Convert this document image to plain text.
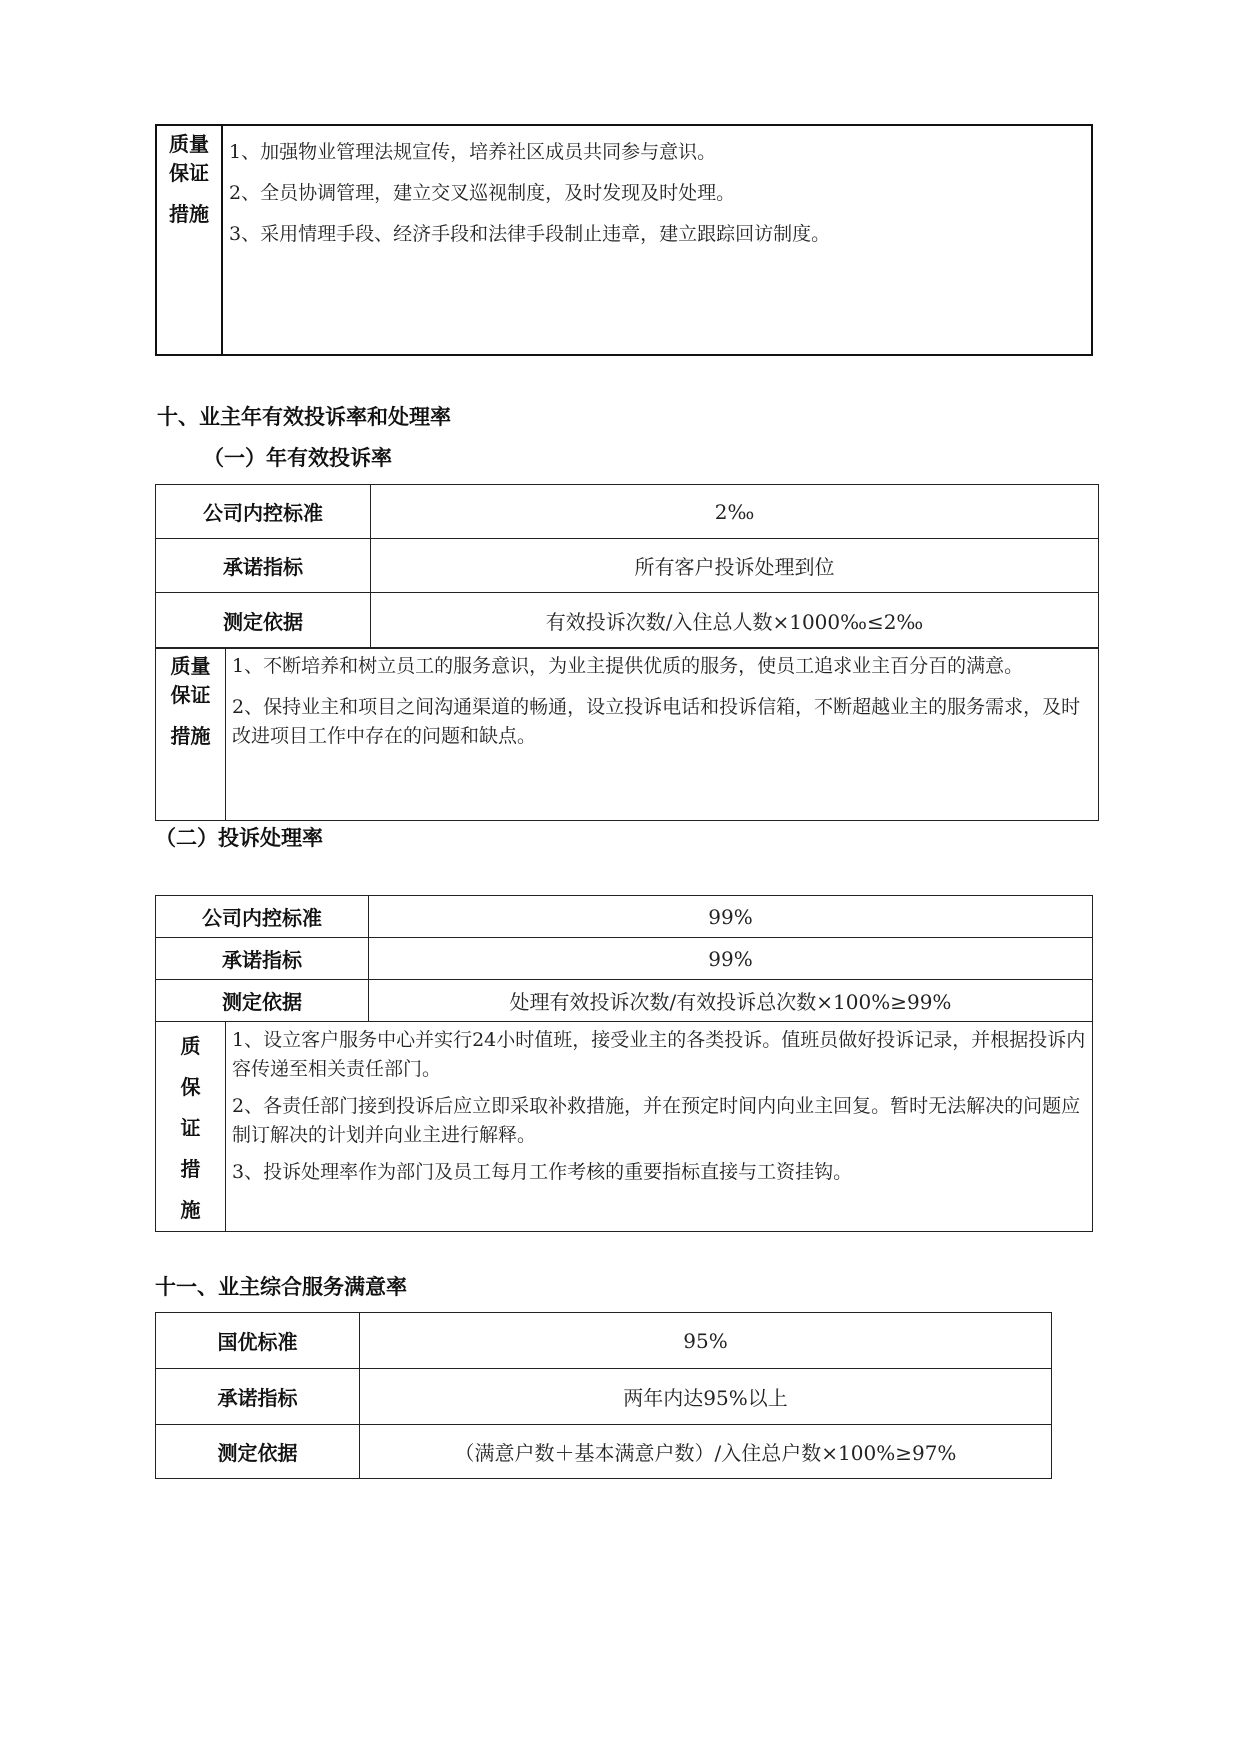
质量
保证
措施

1、加强物业管理法规宣传，培养社区成员共同参与意识。

2、全员协调管理，建立交叉巡视制度，及时发现及时处理。

3、采用情理手段、经济手段和法律手段制止违章，建立跟踪回访制度。

十、业主年有效投诉率和处理率
（一）年有效投诉率
公司内控标准	2‰
承诺指标	所有客户投诉处理到位
测定依据	有效投诉次数/入住总人数×1000‰≤2‰
质量
保证
措施

1、不断培养和树立员工的服务意识，为业主提供优质的服务，使员工追求业主百分百的满意。

2、保持业主和项目之间沟通渠道的畅通，设立投诉电话和投诉信箱，不断超越业主的服务需求，及时改进项目工作中存在的问题和缺点。

（二）投诉处理率
公司内控标准	99%
承诺指标	99%
测定依据	处理有效投诉次数/有效投诉总次数×100%≥99%
质
保
证
措
施

1、设立客户服务中心并实行24小时值班，接受业主的各类投诉。值班员做好投诉记录，并根据投诉内容传递至相关责任部门。

2、各责任部门接到投诉后应立即采取补救措施，并在预定时间内向业主回复。暂时无法解决的问题应制订解决的计划并向业主进行解释。

3、投诉处理率作为部门及员工每月工作考核的重要指标直接与工资挂钩。

十一、业主综合服务满意率
国优标准	95%
承诺指标	两年内达95%以上
测定依据	（满意户数＋基本满意户数）/入住总户数×100%≥97%
